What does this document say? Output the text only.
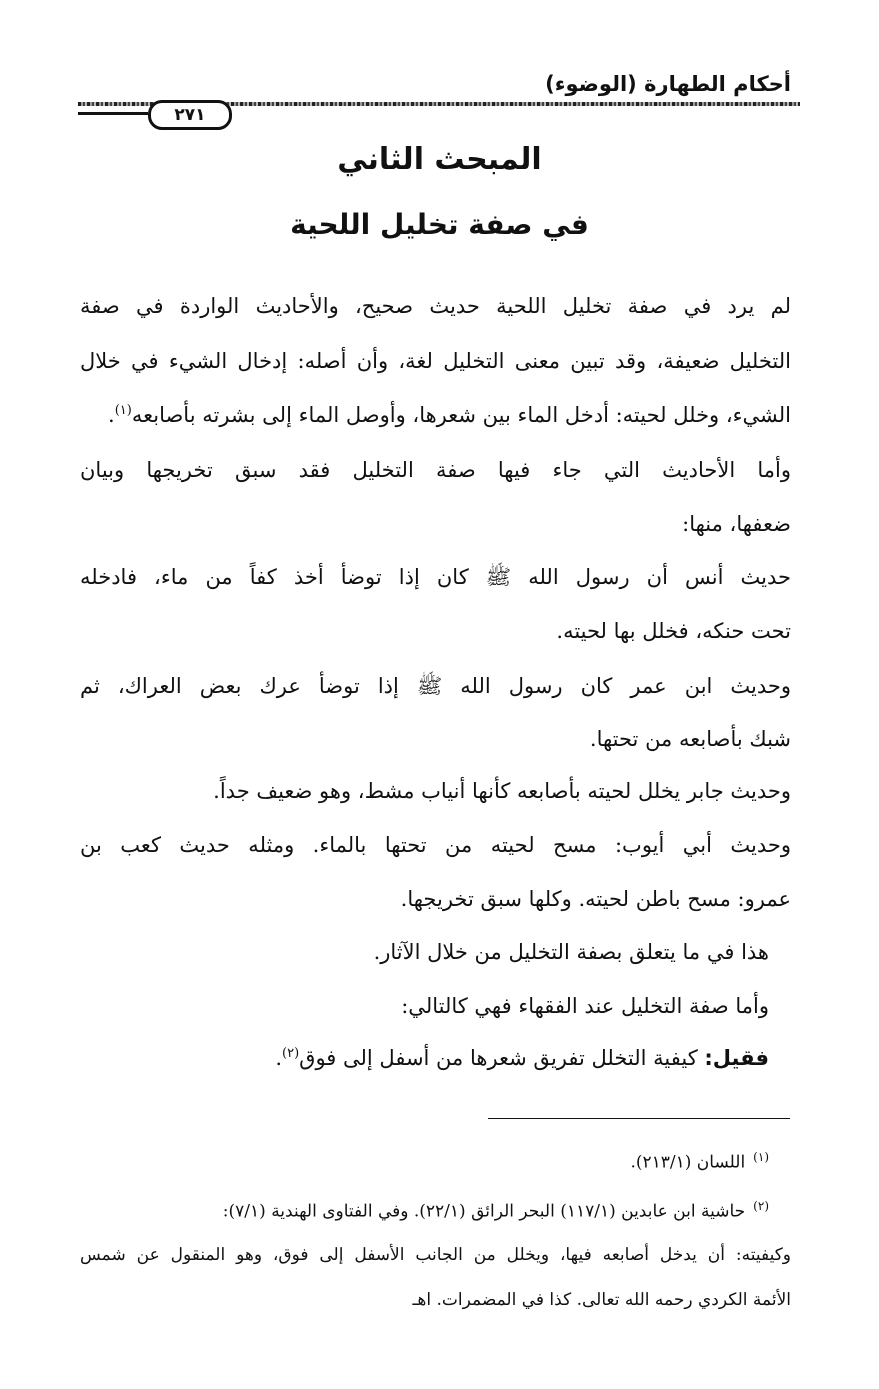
أحكام الطهارة (الوضوء)
٢٧١
المبحث الثاني
في صفة تخليل اللحية
لم يرد في صفة تخليل اللحية حديث صحيح، والأحاديث الواردة في صفة
التخليل ضعيفة، وقد تبين معنى التخليل لغة، وأن أصله: إدخال الشيء في خلال
الشيء، وخلل لحيته: أدخل الماء بين شعرها، وأوصل الماء إلى بشرته بأصابعه$^{(١)}$.
وأما الأحاديث التي جاء فيها صفة التخليل فقد سبق تخريجها وبيان
ضعفها، منها:
حديث أنس أن رسول الله ﷺ كان إذا توضأ أخذ كفاً من ماء، فادخله
تحت حنكه، فخلل بها لحيته.
وحديث ابن عمر كان رسول الله ﷺ إذا توضأ عرك بعض العراك، ثم
شبك بأصابعه من تحتها.
وحديث جابر يخلل لحيته بأصابعه كأنها أنياب مشط، وهو ضعيف جداً.
وحديث أبي أيوب: مسح لحيته من تحتها بالماء. ومثله حديث كعب بن
عمرو: مسح باطن لحيته. وكلها سبق تخريجها.
هذا في ما يتعلق بصفة التخليل من خلال الآثار.
وأما صفة التخليل عند الفقهاء فهي كالتالي:
فقيل: كيفية التخلل تفريق شعرها من أسفل إلى فوق$^{(٢)}$.
$^{(١)}$اللسان (٢١٣/١).
$^{(٢)}$حاشية ابن عابدين (١١٧/١) البحر الرائق (٢٢/١). وفي الفتاوى الهندية (٧/١):
وكيفيته: أن يدخل أصابعه فيها، ويخلل من الجانب الأسفل إلى فوق، وهو المنقول عن شمس
الأئمة الكردي رحمه الله تعالى. كذا في المضمرات. اهـ
